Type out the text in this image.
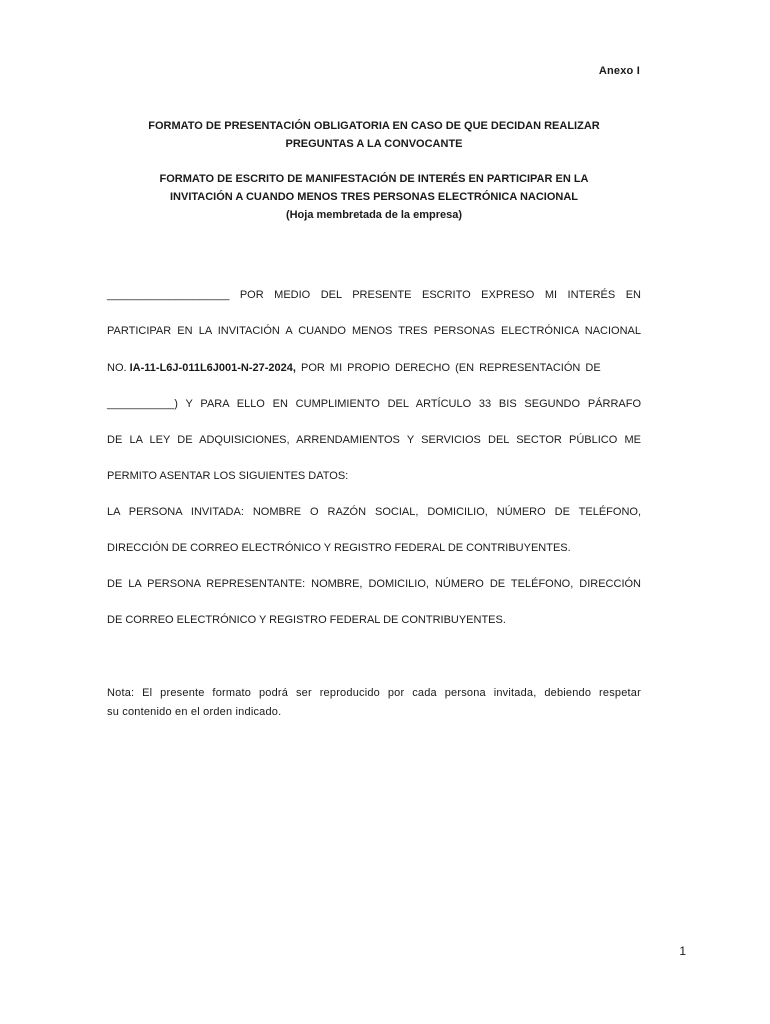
Anexo I
FORMATO DE PRESENTACIÓN OBLIGATORIA EN CASO DE QUE DECIDAN REALIZAR
PREGUNTAS A LA CONVOCANTE
FORMATO DE ESCRITO DE MANIFESTACIÓN DE INTERÉS EN PARTICIPAR EN LA
INVITACIÓN A CUANDO MENOS TRES PERSONAS ELECTRÓNICA NACIONAL
(Hoja membretada de la empresa)
____________________ POR MEDIO DEL PRESENTE ESCRITO EXPRESO MI INTERÉS EN
PARTICIPAR EN LA INVITACIÓN A CUANDO MENOS TRES PERSONAS ELECTRÓNICA NACIONAL
NO. IA-11-L6J-011L6J001-N-27-2024, POR MI PROPIO DERECHO (EN REPRESENTACIÓN DE
___________) Y PARA ELLO EN CUMPLIMIENTO DEL ARTÍCULO 33 BIS SEGUNDO PÁRRAFO
DE LA LEY DE ADQUISICIONES, ARRENDAMIENTOS Y SERVICIOS DEL SECTOR PÚBLICO ME
PERMITO ASENTAR LOS SIGUIENTES DATOS:
LA PERSONA INVITADA: NOMBRE O RAZÓN SOCIAL, DOMICILIO, NÚMERO DE TELÉFONO,
DIRECCIÓN DE CORREO ELECTRÓNICO Y REGISTRO FEDERAL DE CONTRIBUYENTES.
DE LA PERSONA REPRESENTANTE: NOMBRE, DOMICILIO, NÚMERO DE TELÉFONO, DIRECCIÓN
DE CORREO ELECTRÓNICO Y REGISTRO FEDERAL DE CONTRIBUYENTES.
Nota: El presente formato podrá ser reproducido por cada persona invitada, debiendo respetar
su contenido en el orden indicado.
1
